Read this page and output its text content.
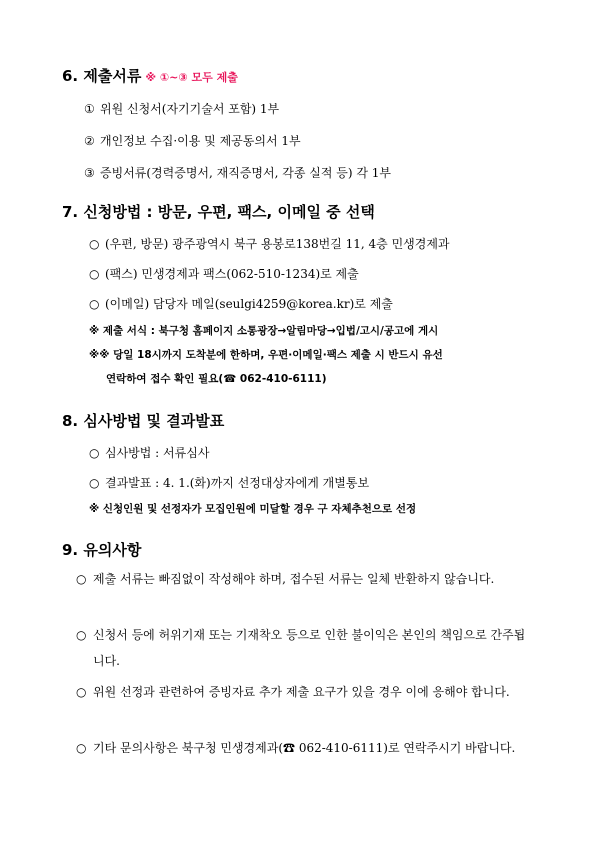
6. 제출서류 ※ ①~③ 모두 제출

① 위원 신청서(자기기술서 포함) 1부

② 개인정보 수집·이용 및 제공동의서 1부

③ 증빙서류(경력증명서, 재직증명서, 각종 실적 등) 각 1부

7. 신청방법 : 방문, 우편, 팩스, 이메일 중 선택

○ (우편, 방문) 광주광역시 북구 용봉로138번길 11, 4층 민생경제과

○ (팩스) 민생경제과 팩스(062-510-1234)로 제출

○ (이메일) 담당자 메일(seulgi4259@korea.kr)로 제출

※ 제출 서식 : 북구청 홈페이지 소통광장→알림마당→입법/고시/공고에 게시

※※ 당일 18시까지 도착분에 한하며, 우편·이메일·팩스 제출 시 반드시 유선

연락하여 접수 확인 필요(☎ 062-410-6111)

8. 심사방법 및 결과발표

○ 심사방법 : 서류심사

○ 결과발표 : 4. 1.(화)까지 선정대상자에게 개별통보

※ 신청인원 및 선정자가 모집인원에 미달할 경우 구 자체추천으로 선정

9. 유의사항

○ 제출 서류는 빠짐없이 작성해야 하며, 접수된 서류는 일체 반환하지 않습니다.

○ 신청서 등에 허위기재 또는 기재착오 등으로 인한 불이익은 본인의 책임으로 간주됩니다.

○ 위원 선정과 관련하여 증빙자료 추가 제출 요구가 있을 경우 이에 응해야 합니다.

○ 기타 문의사항은 북구청 민생경제과(☎ 062-410-6111)로 연락주시기 바랍니다.
